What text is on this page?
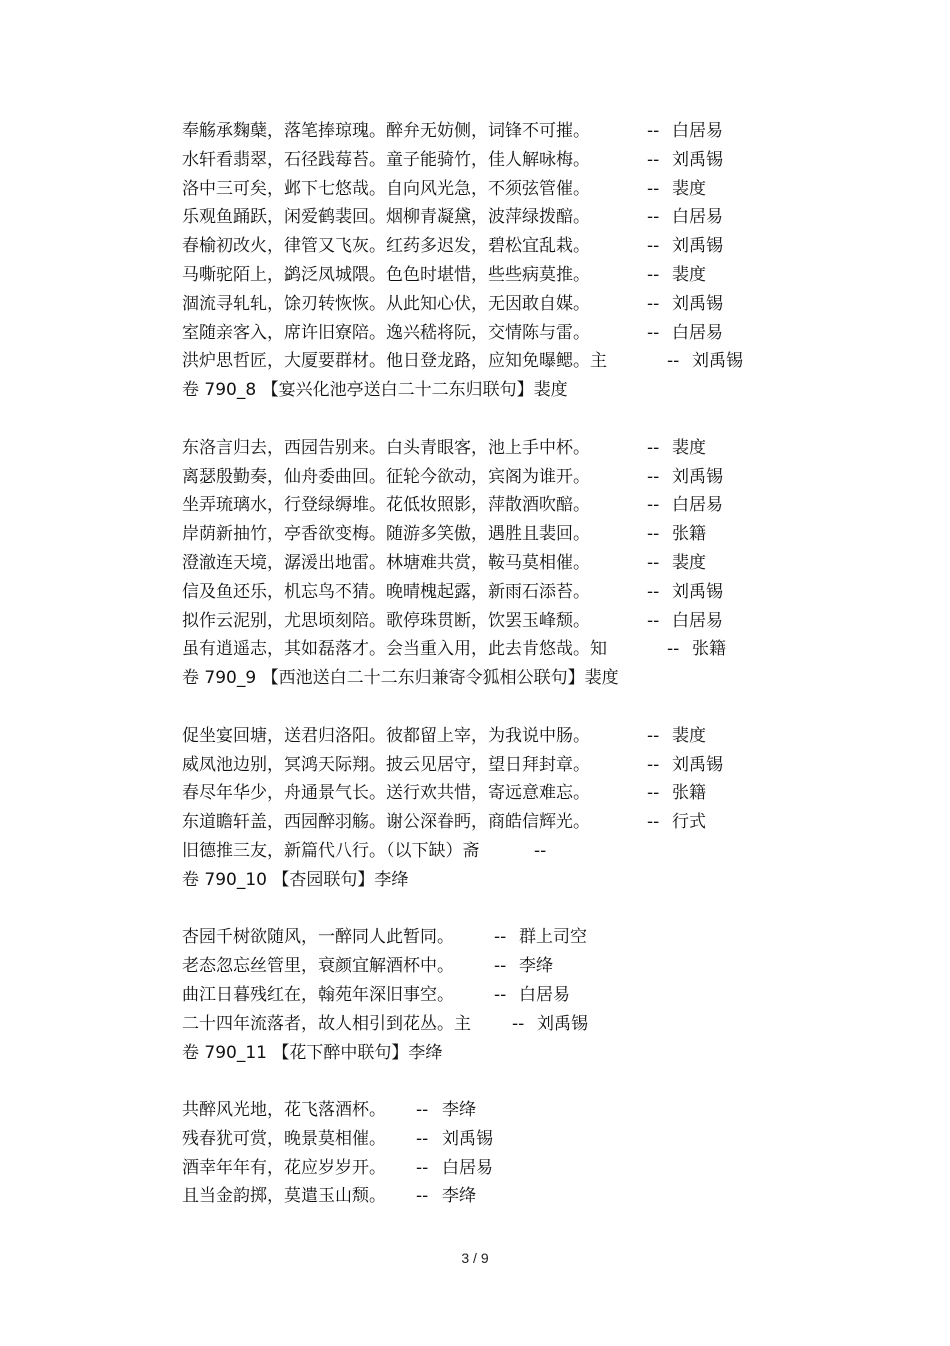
奉觞承麴蘖，落笔捧琼瑰。醉弁无妨侧，词锋不可摧。	-- 白居易
水轩看翡翠，石径践莓苔。童子能骑竹，佳人解咏梅。	-- 刘禹锡
洛中三可矣，邺下七悠哉。自向风光急，不须弦管催。	-- 裴度
乐观鱼踊跃，闲爱鹤裴回。烟柳青凝黛，波萍绿拨醅。	-- 白居易
春榆初改火，律管又飞灰。红药多迟发，碧松宜乱栽。	-- 刘禹锡
马嘶驼陌上，鹢泛凤城隈。色色时堪惜，些些病莫推。	-- 裴度
涸流寻轧轧，馀刃转恢恢。从此知心伏，无因敢自媒。	-- 刘禹锡
室随亲客入，席许旧寮陪。逸兴嵇将阮，交情陈与雷。	-- 白居易
洪炉思哲匠，大厦要群材。他日登龙路，应知免曝鳃。主	-- 刘禹锡
卷 790_8 【宴兴化池亭送白二十二东归联句】裴度
东洛言归去，西园告别来。白头青眼客，池上手中杯。	-- 裴度
离瑟殷勤奏，仙舟委曲回。征轮今欲动，宾阁为谁开。	-- 刘禹锡
坐弄琉璃水，行登绿缛堆。花低妆照影，萍散酒吹醅。	-- 白居易
岸荫新抽竹，亭香欲变梅。随游多笑傲，遇胜且裴回。	-- 张籍
澄澈连天境，潺湲出地雷。林塘难共赏，鞍马莫相催。	-- 裴度
信及鱼还乐，机忘鸟不猜。晚晴槐起露，新雨石添苔。	-- 刘禹锡
拟作云泥别，尤思顷刻陪。歌停珠贯断，饮罢玉峰颓。	-- 白居易
虽有逍遥志，其如磊落才。会当重入用，此去肯悠哉。知	-- 张籍
卷 790_9 【西池送白二十二东归兼寄令狐相公联句】裴度
促坐宴回塘，送君归洛阳。彼都留上宰，为我说中肠。	-- 裴度
威凤池边别，冥鸿天际翔。披云见居守，望日拜封章。	-- 刘禹锡
春尽年华少，舟通景气长。送行欢共惜，寄远意难忘。	-- 张籍
东道瞻轩盖，西园醉羽觞。谢公深眷眄，商皓信辉光。	-- 行式
旧德推三友，新篇代八行。（以下缺）斋	--
卷 790_10 【杏园联句】李绛
杏园千树欲随风，一醉同人此暂同。 -- 群上司空
老态忽忘丝管里，衰颜宜解酒杯中。 -- 李绛
曲江日暮残红在，翰苑年深旧事空。 -- 白居易
二十四年流落者，故人相引到花丛。主 -- 刘禹锡
卷 790_11 【花下醉中联句】李绛
共醉风光地，花飞落酒杯。 -- 李绛
残春犹可赏，晚景莫相催。 -- 刘禹锡
酒幸年年有，花应岁岁开。 -- 白居易
且当金韵掷，莫遣玉山颓。 -- 李绛
3 / 9
